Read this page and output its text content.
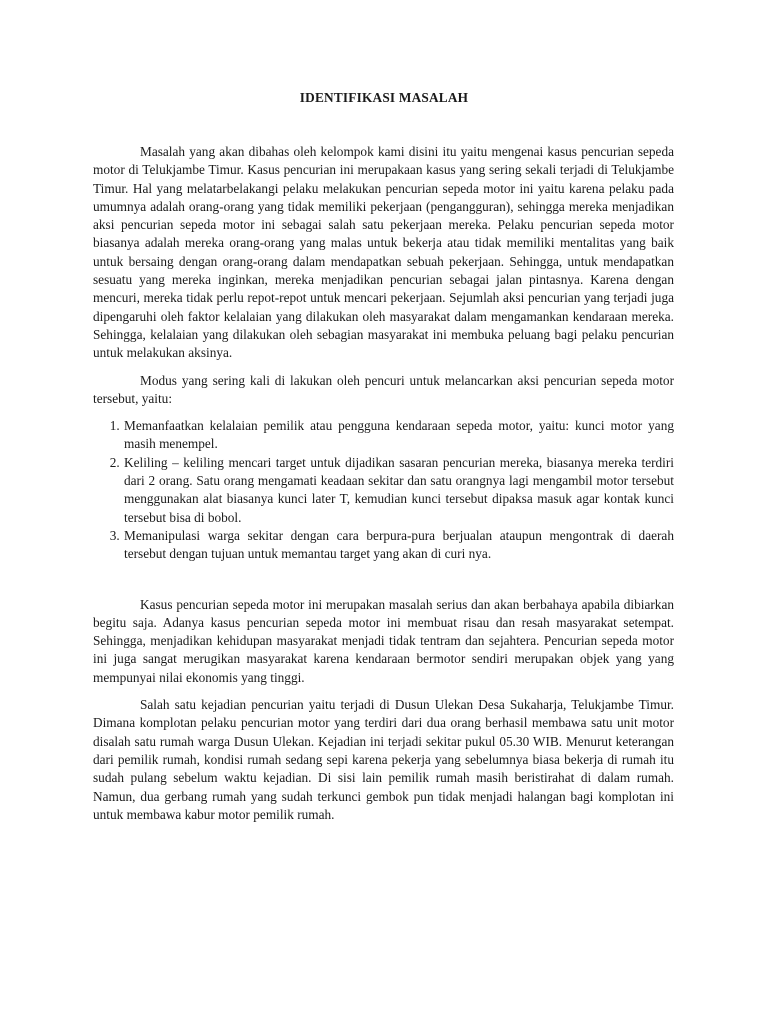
IDENTIFIKASI MASALAH

Masalah yang akan dibahas oleh kelompok kami disini itu yaitu mengenai kasus pencurian sepeda motor di Telukjambe Timur. Kasus pencurian ini merupakaan kasus yang sering sekali terjadi di Telukjambe Timur. Hal yang melatarbelakangi pelaku melakukan pencurian sepeda motor ini yaitu karena pelaku pada umumnya adalah orang-orang yang tidak memiliki pekerjaan (pengangguran), sehingga mereka menjadikan aksi pencurian sepeda motor ini sebagai salah satu pekerjaan mereka. Pelaku pencurian sepeda motor biasanya adalah mereka orang-orang yang malas untuk bekerja atau tidak memiliki mentalitas yang baik untuk bersaing dengan orang-orang dalam mendapatkan sebuah pekerjaan. Sehingga, untuk mendapatkan sesuatu yang mereka inginkan, mereka menjadikan pencurian sebagai jalan pintasnya. Karena dengan mencuri, mereka tidak perlu repot-repot untuk mencari pekerjaan. Sejumlah aksi pencurian yang terjadi juga dipengaruhi oleh faktor kelalaian yang dilakukan oleh masyarakat dalam mengamankan kendaraan mereka. Sehingga, kelalaian yang dilakukan oleh sebagian masyarakat ini membuka peluang bagi pelaku pencurian untuk melakukan aksinya.

Modus yang sering kali di lakukan oleh pencuri untuk melancarkan aksi pencurian sepeda motor tersebut, yaitu:

1. Memanfaatkan kelalaian pemilik atau pengguna kendaraan sepeda motor, yaitu: kunci motor yang masih menempel.
2. Keliling – keliling mencari target untuk dijadikan sasaran pencurian mereka, biasanya mereka terdiri dari 2 orang. Satu orang mengamati keadaan sekitar dan satu orangnya lagi mengambil motor tersebut menggunakan alat biasanya kunci later T, kemudian kunci tersebut dipaksa masuk agar kontak kunci tersebut bisa di bobol.
3. Memanipulasi warga sekitar dengan cara berpura-pura berjualan ataupun mengontrak di daerah tersebut dengan tujuan untuk memantau target yang akan di curi nya.

Kasus pencurian sepeda motor ini merupakan masalah serius dan akan berbahaya apabila dibiarkan begitu saja. Adanya kasus pencurian sepeda motor ini membuat risau dan resah masyarakat setempat. Sehingga, menjadikan kehidupan masyarakat menjadi tidak tentram dan sejahtera. Pencurian sepeda motor ini juga sangat merugikan masyarakat karena kendaraan bermotor sendiri merupakan objek yang yang mempunyai nilai ekonomis yang tinggi.

Salah satu kejadian pencurian yaitu terjadi di Dusun Ulekan Desa Sukaharja, Telukjambe Timur. Dimana komplotan pelaku pencurian motor yang terdiri dari dua orang berhasil membawa satu unit motor disalah satu rumah warga Dusun Ulekan. Kejadian ini terjadi sekitar pukul 05.30 WIB. Menurut keterangan dari pemilik rumah, kondisi rumah sedang sepi karena pekerja yang sebelumnya biasa bekerja di rumah itu sudah pulang sebelum waktu kejadian. Di sisi lain pemilik rumah masih beristirahat di dalam rumah. Namun, dua gerbang rumah yang sudah terkunci gembok pun tidak menjadi halangan bagi komplotan ini untuk membawa kabur motor pemilik rumah.
